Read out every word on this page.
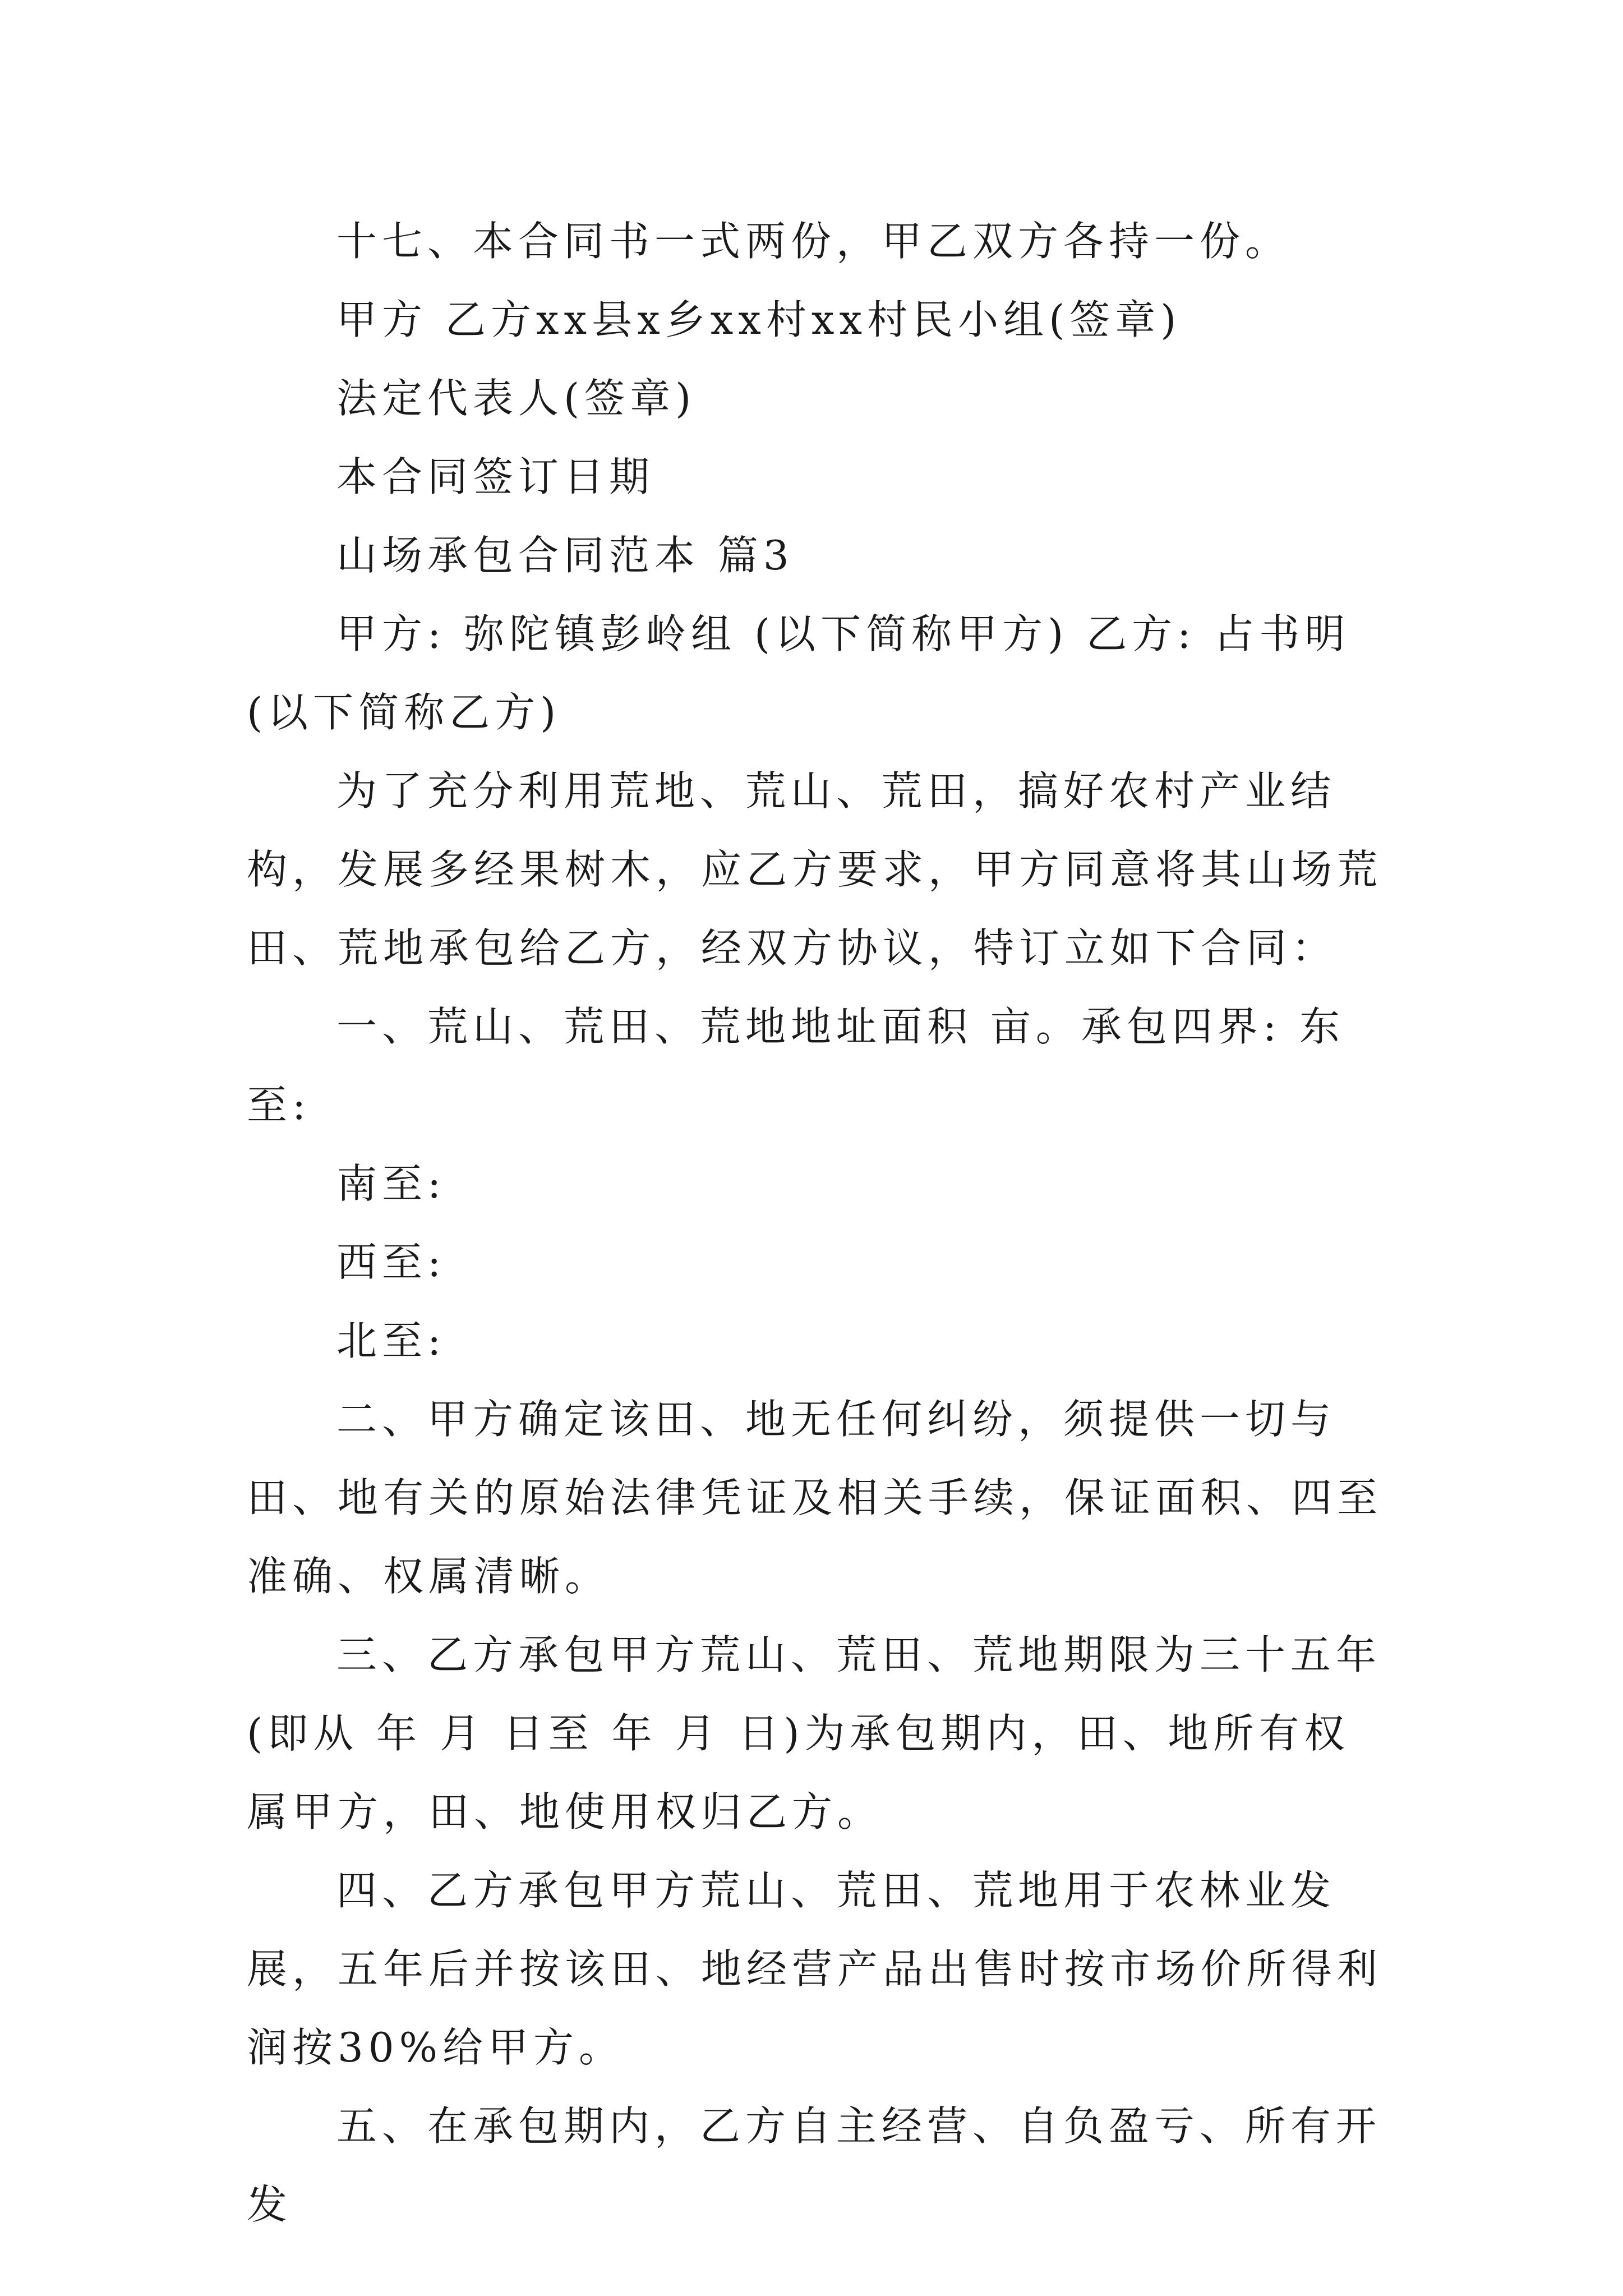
十七、本合同书一式两份，甲乙双方各持一份。

甲方 乙方xx县x乡xx村xx村民小组(签章)

法定代表人(签章)

本合同签订日期

山场承包合同范本 篇3

甲方: 弥陀镇彭岭组 (以下简称甲方) 乙方: 占书明 (以下简称乙方)

为了充分利用荒地、荒山、荒田，搞好农村产业结构，发展多经果树木，应乙方要求，甲方同意将其山场荒田、荒地承包给乙方，经双方协议，特订立如下合同：

一、荒山、荒田、荒地地址面积 亩。承包四界: 东至:

南至:

西至:

北至:

二、甲方确定该田、地无任何纠纷，须提供一切与田、地有关的原始法律凭证及相关手续，保证面积、四至准确、权属清晰。

三、乙方承包甲方荒山、荒田、荒地期限为三十五年(即从 年 月 日至 年 月 日)为承包期内，田、地所有权属甲方，田、地使用权归乙方。

四、乙方承包甲方荒山、荒田、荒地用于农林业发展，五年后并按该田、地经营产品出售时按市场价所得利润按30%给甲方。

五、在承包期内，乙方自主经营、自负盈亏、所有开发
